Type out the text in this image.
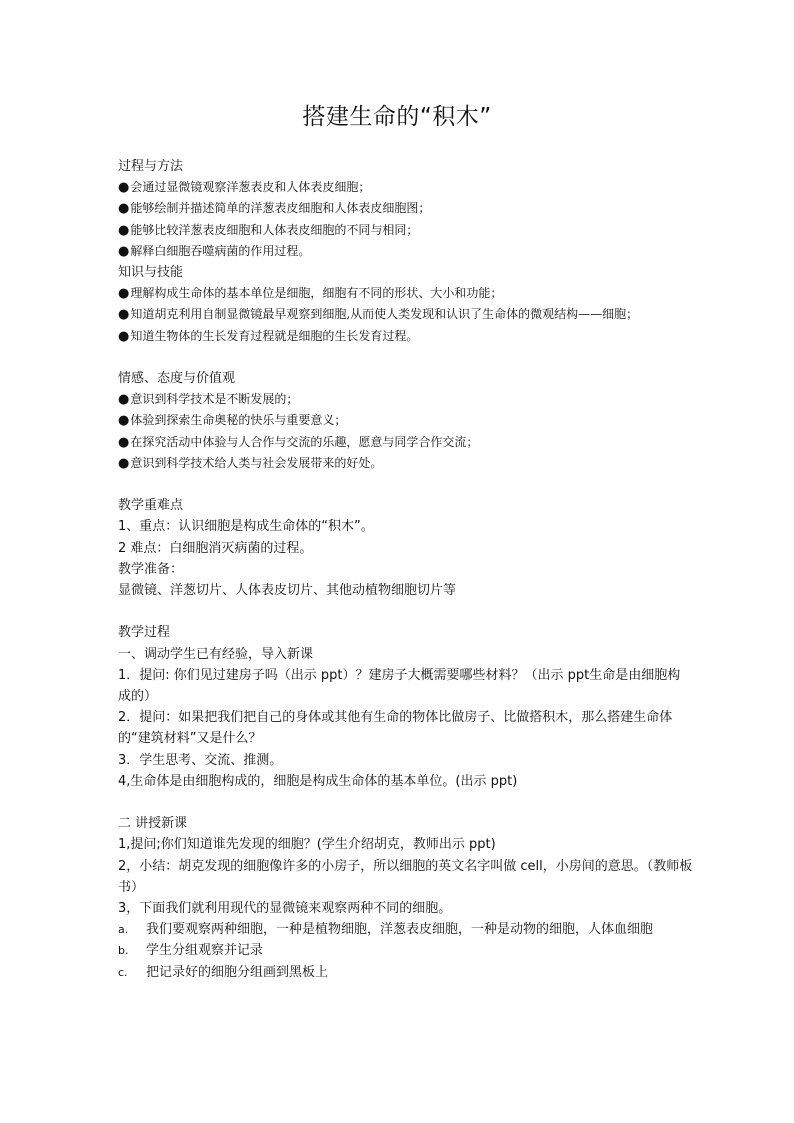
搭建生命的“积木”
过程与方法
●会通过显微镜观察洋葱表皮和人体表皮细胞；
●能够绘制并描述简单的洋葱表皮细胞和人体表皮细胞图；
●能够比较洋葱表皮细胞和人体表皮细胞的不同与相同；
●解释白细胞吞噬病菌的作用过程。
知识与技能
●理解构成生命体的基本单位是细胞，细胞有不同的形状、大小和功能；
●知道胡克利用自制显微镜最早观察到细胞,从而使人类发现和认识了生命体的微观结构——细胞；
●知道生物体的生长发育过程就是细胞的生长发育过程。
情感、态度与价值观
●意识到科学技术是不断发展的；
●体验到探索生命奥秘的快乐与重要意义；
●在探究活动中体验与人合作与交流的乐趣，愿意与同学合作交流；
●意识到科学技术给人类与社会发展带来的好处。
教学重难点
1、重点：认识细胞是构成生命体的“积木”。
2 难点：白细胞消灭病菌的过程。
教学准备：
显微镜、洋葱切片、人体表皮切片、其他动植物细胞切片等
教学过程
一、调动学生已有经验，导入新课
1．提问: 你们见过建房子吗（出示 ppt）？建房子大概需要哪些材料？（出示 ppt生命是由细胞构成的）
2．提问：如果把我们把自己的身体或其他有生命的物体比做房子、比做搭积木，那么搭建生命体的“建筑材料”又是什么？
3．学生思考、交流、推测。
4,生命体是由细胞构成的，细胞是构成生命体的基本单位。(出示 ppt)
二 讲授新课
1,提问;你们知道谁先发现的细胞？(学生介绍胡克，教师出示 ppt)
2，小结：胡克发现的细胞像许多的小房子，所以细胞的英文名字叫做 cell，小房间的意思。（教师板书）
3，下面我们就利用现代的显微镜来观察两种不同的细胞。
a.	我们要观察两种细胞，一种是植物细胞，洋葱表皮细胞，一种是动物的细胞，人体血细胞
b.	学生分组观察并记录
c.	把记录好的细胞分组画到黑板上
